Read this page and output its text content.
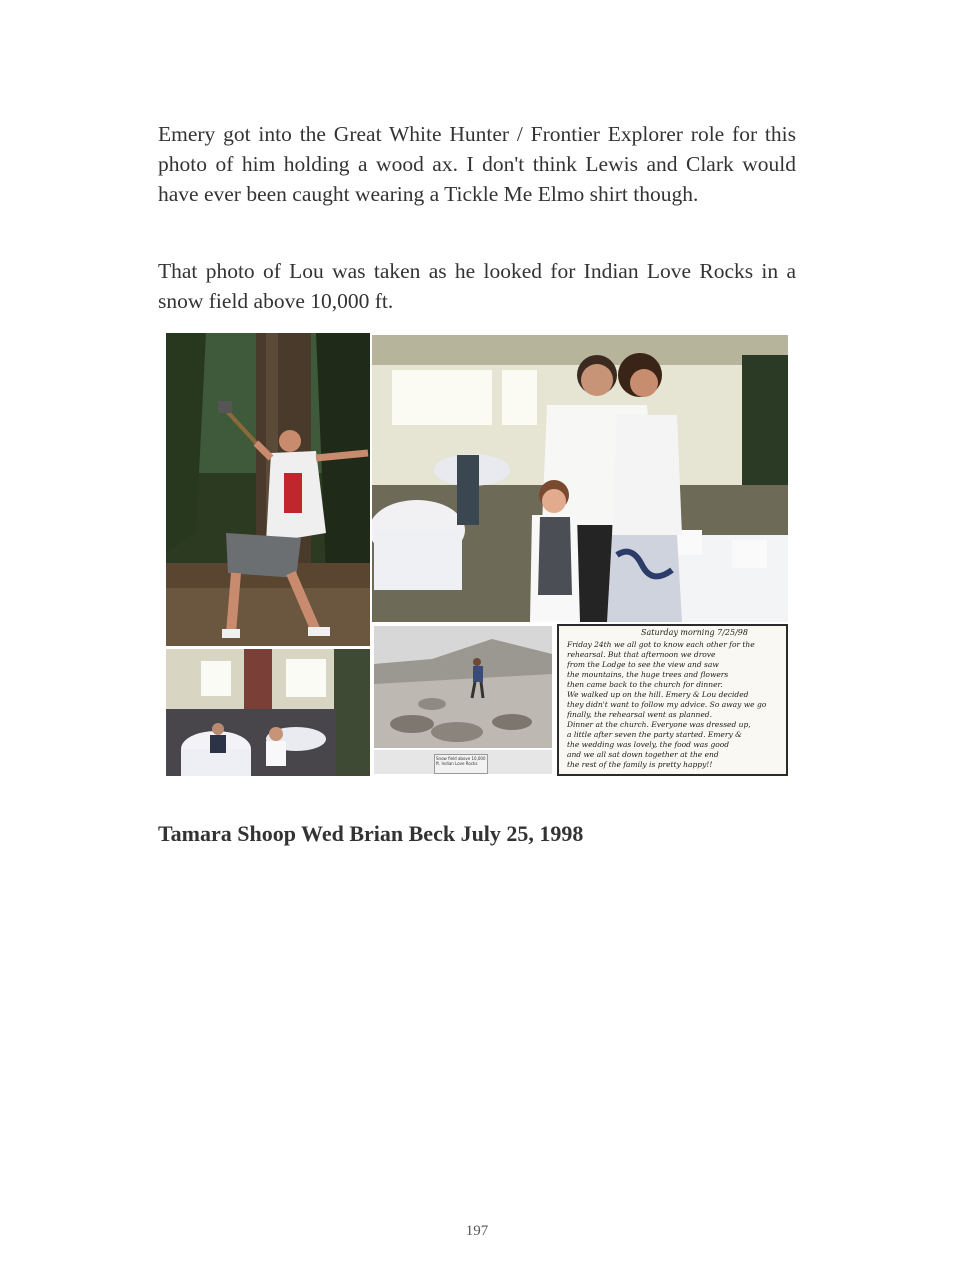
Emery got into the Great White Hunter / Frontier Explorer role for this photo of him holding a wood ax. I don't think Lewis and Clark would have ever been caught wearing a Tickle Me Elmo shirt though.

That photo of Lou was taken as he looked for Indian Love Rocks in a snow field above 10,000 ft.

Snow field above 10,000 ft. Indian Love Rocks
Saturday morning 7/25/98
Friday 24th we all got to know each other for the
rehearsal. But that afternoon we drove
from the Lodge to see the view and saw
the mountains, the huge trees and flowers
then came back to the church for dinner.
We walked up on the hill. Emery & Lou decided
they didn't want to follow my advice. So away we go
finally, the rehearsal went as planned.
Dinner at the church. Everyone was dressed up,
a little after seven the party started. Emery &
the wedding was lovely, the food was good
and we all sat down together at the end
the rest of the family is pretty happy!!

Tamara Shoop Wed Brian Beck July 25, 1998

197
